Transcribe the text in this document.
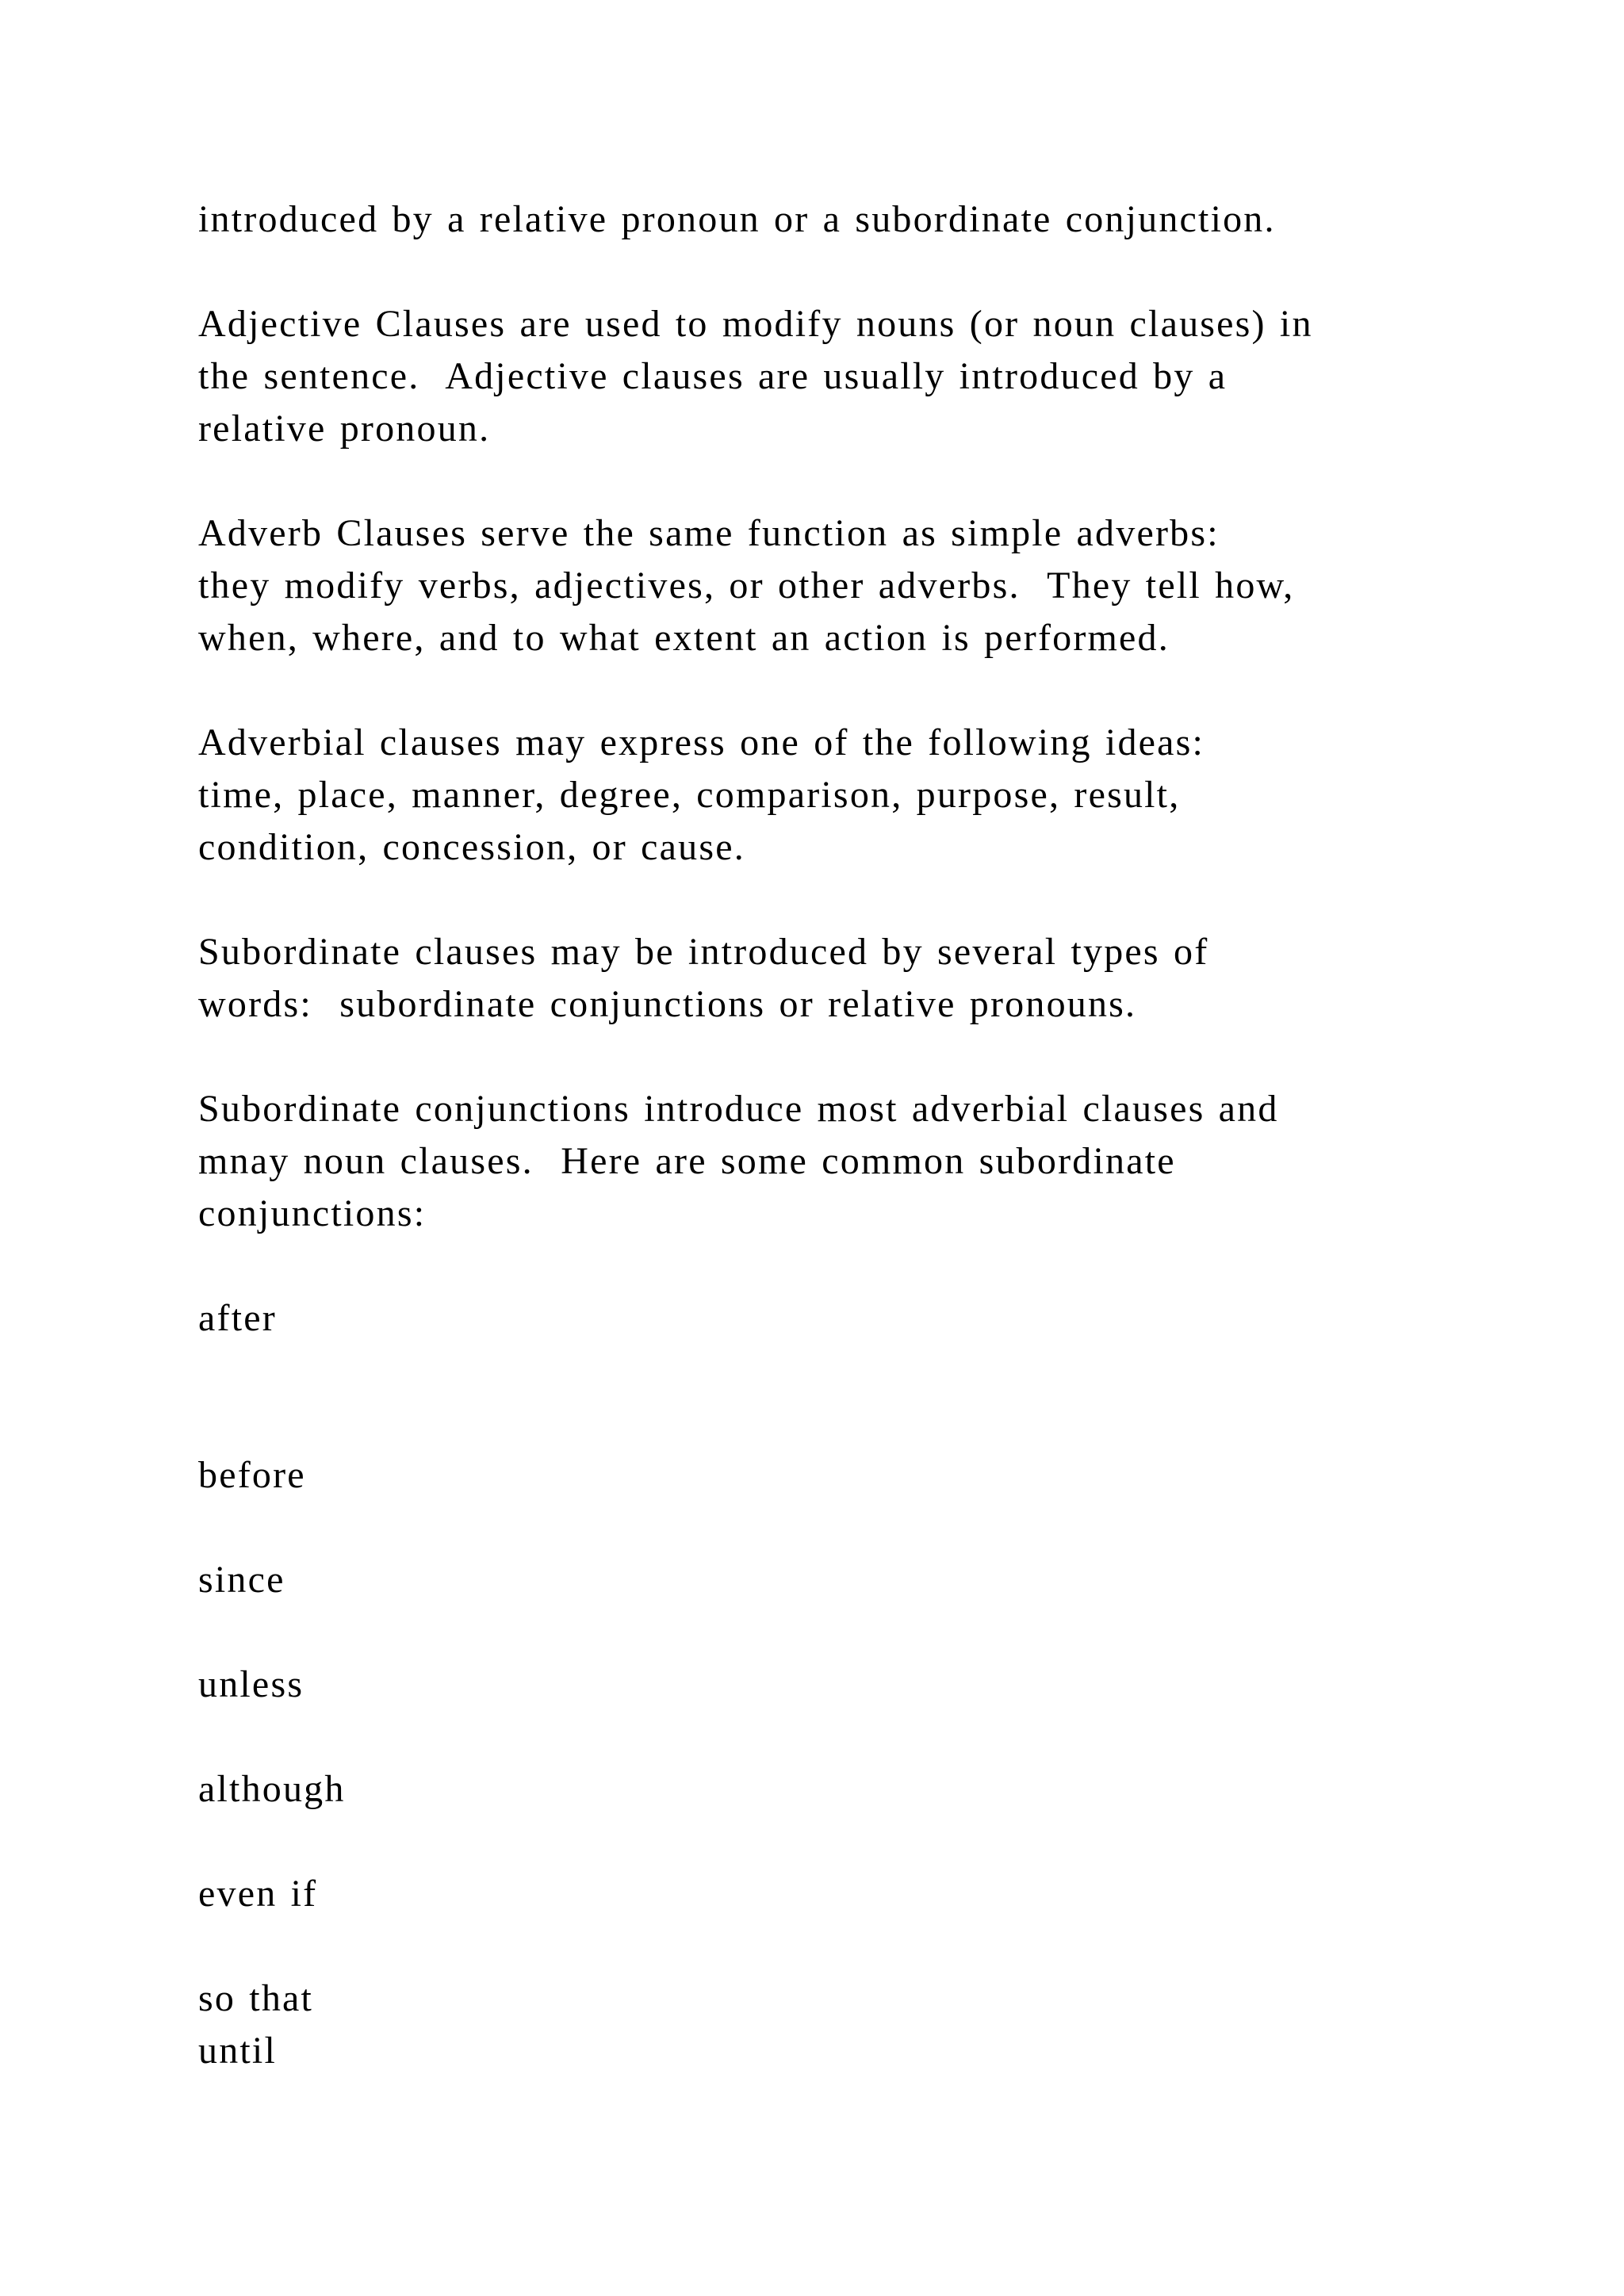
introduced by a relative pronoun or a subordinate conjunction.
Adjective Clauses are used to modify nouns (or noun clauses) in
the sentence.  Adjective clauses are usually introduced by a
relative pronoun.
Adverb Clauses serve the same function as simple adverbs:
they modify verbs, adjectives, or other adverbs.  They tell how,
when, where, and to what extent an action is performed.
Adverbial clauses may express one of the following ideas:
time, place, manner, degree, comparison, purpose, result,
condition, concession, or cause.
Subordinate clauses may be introduced by several types of
words:  subordinate conjunctions or relative pronouns.
Subordinate conjunctions introduce most adverbial clauses and
mnay noun clauses.  Here are some common subordinate
conjunctions:
after
before
since
unless
although
even if
so that
until
